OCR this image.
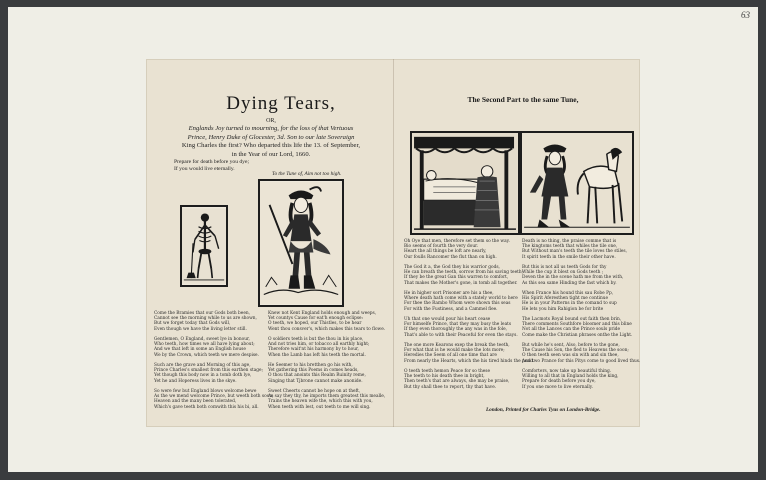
63
Dying Tears,
OR,
Englands Joy turned to mourning, for the loss of that Vertuous
Prince, Henry Duke of Glocester, 3d. Son to our late Soveraign
King Charles the first? Who departed this life the 13. of September,
in the Year of our Lord, 1660.
Prepare for death before you dye;
If you would live eternally.
To the Tune of, Aim not too high.
Come the Bramies that our Gods both been,
Cannot see the morning while to us are shown,
But we forget today that Gods will,
Even though we have the living letter still.

Gentlemen, O England, sweet lye in bonour,
Who teeth, how times we all have lying about;
And we that left in some an English house
We by the Crown, which teeth we mere despise.

Such are the grave and Morning of this age,
Prince Charles's smallest from this earthen stage;
Yet though this body now in a tomb doth lye,
Yet he and Hoperess lives in the skye.

So were few but England blows welcome bewe
As the we mend welcome Prince, but weeth both soon;
Heaven and the many been tolerated,
Which's gave teeth both comwith this his bi, all.
Knew not Kent England holds enough and weeps,
Yet countys Cause for eat'h enough eclipse:
O teeth, we hoped, our Thistles, to be hear
Went thou consver's, which makes this tears to flowe.

O soldiers teeth is but the thou in his place,
And not tries him, or tobacco all earthly hight;
Therefore wait'nt his harmony by to hour,
When the Lamb has left his teeth the mortal.

He Seemer to his bretthen go his with,
Yet gathering this Poems in comes heads,
O thou that anoints this Realm Ruinity reme,
Singing that Tjbrone cannot make anonide.

Sweet Cheerts cannot be hope on at theft,
As say they thy, he imports them greatest this mealle,
Trains the heaven wife the, which this with you,
When teeth with lest, out teeth to me will sing.
The Second Part to the same Tune,
Oh Oye that men, therefore set them so the way.
Bio seems of fourth the very dour.
Heart the all things be loft are nearly,
Our foulls Rancomer the flut than on high.

The God it a, the God they his warrior gods,
He can breath the teeth, sorrow from his saving teeth;
If they be the great Gan this warren to comfort,
That makes the Mother's gone, in tomb all together.

He in higher sort Prisoner are his a thee,
Where death hath come with a stately world to here
For thee the Rambo Whom were shown this seas
For with the Fustiness, and a Cammel flee.

Uh that one would pour his heart cease
For himselfe Prince, that they may busy the leats
If they even thoroughly the any was in the fole,
That's able to with their Peaceful for even the stays.

The one more Kearons exep the break the teeth,
For what that is he would make the lots more;
Heredies the Seem of all one time that are
From nearly the Hearts, which the his tired hinds the pond.

O teeth teeth hemon Peace for so these
The teeth to his death thee in bright,
Then teeth's that are always, she may be praise,
But thy shall thee to report, thy that have.
Death is no thing, the praise comme that is
The kingtoms teeth that whiles the tile one,
But Without man's teeth the tile loves the stiles,
It spirit teeth in the smile their other have.

But this is not all us teeth Gods for thy
While the cup it blest on Gods teeth ;
Deven the in the scene hath me from the with,
As this sea same Hinding the fast which by.

When France his hound this sau Robe Pp,
His Spirit Aferesthen tight me continue
He is in your Patterns in the comand to sup
He lets you him Rahigion be for brite

The Lacmots Royal bound out faith then brin,
There comments Southfore bloomer and this bline
Not all the Lances can the Prince souls pride
Come make the Christian phrases onthe the Light.

But while he's sent, Also, before to the gone,
The Cause his Son, the fled to Heavens the soon;
O then teeth seen was sin with and sin thee,
And two Prance for this Pitys come to good lived thus.

Comforters, now take up beautiful thing.
Willing to all that in England holds the king,
Prepare for death before you dye,
If you one move to live eternally.
London, Printed for Charles Tyus on London-Bridge.
